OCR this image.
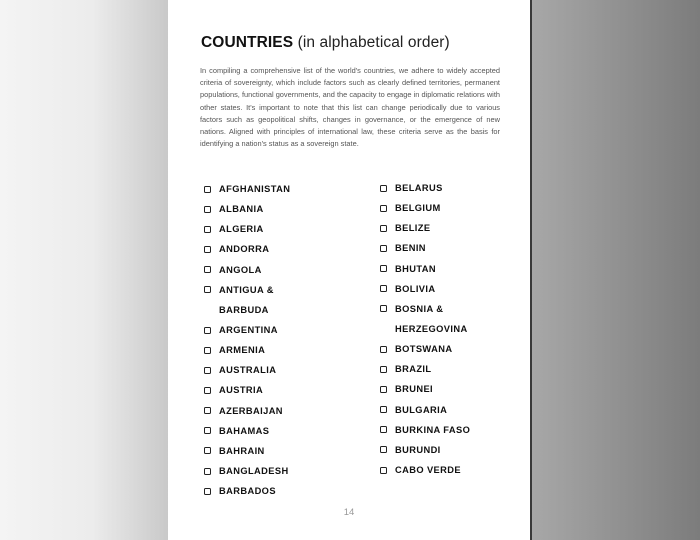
COUNTRIES (in alphabetical order)

In compiling a comprehensive list of the world's countries, we adhere to widely accepted criteria of sovereignty, which include factors such as clearly defined territories, permanent populations, functional governments, and the capacity to engage in diplomatic relations with other states. It's important to note that this list can change periodically due to various factors such as geopolitical shifts, changes in governance, or the emergence of new nations. Aligned with principles of international law, these criteria serve as the basis for identifying a nation's status as a sovereign state.

AFGHANISTAN
ALBANIA
ALGERIA
ANDORRA
ANGOLA
ANTIGUA &
BARBUDA
ARGENTINA
ARMENIA
AUSTRALIA
AUSTRIA
AZERBAIJAN
BAHAMAS
BAHRAIN
BANGLADESH
BARBADOS
BELARUS
BELGIUM
BELIZE
BENIN
BHUTAN
BOLIVIA
BOSNIA &
HERZEGOVINA
BOTSWANA
BRAZIL
BRUNEI
BULGARIA
BURKINA FASO
BURUNDI
CABO VERDE
14
